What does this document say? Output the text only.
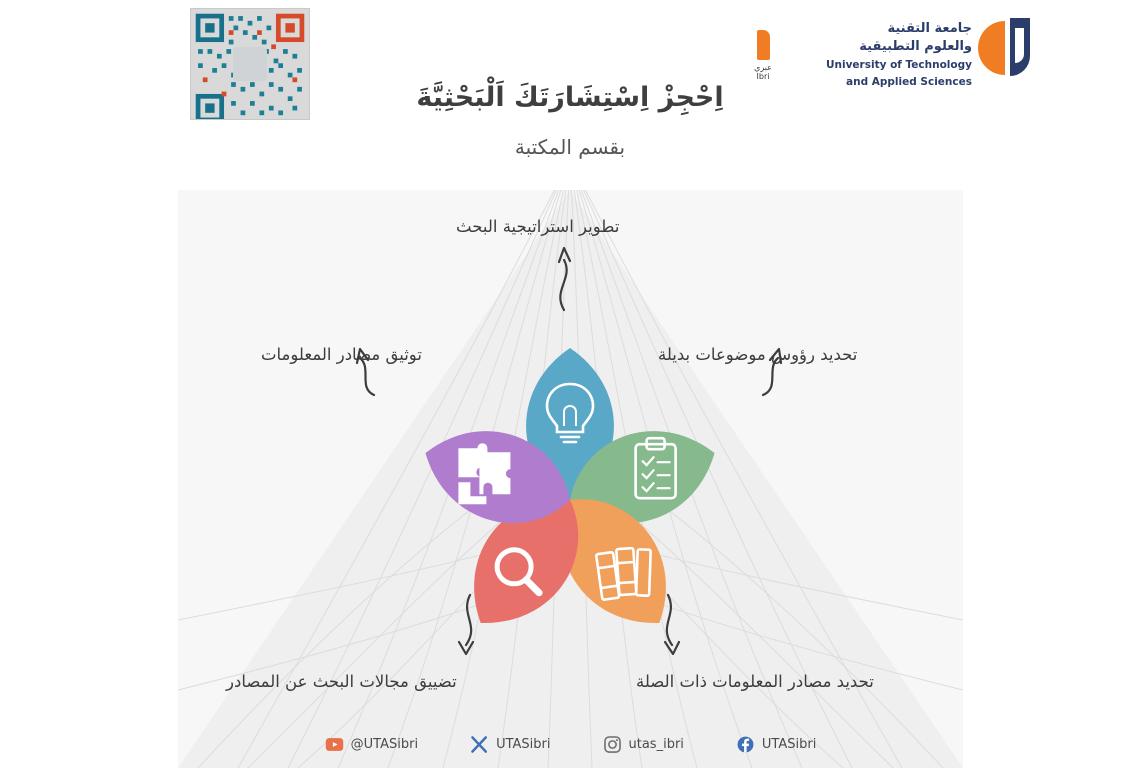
عبري
Ibri
جامعة التقنية
والعلوم التطبيقية
University of Technology
and Applied Sciences
اِحْجِزْ اِسْتِشَارَتَكَ اَلْبَحْثِيَّةَ
بقسم المكتبة
تطوير استراتيجية البحث
تحديد رؤوس موضوعات بديلة
توثيق مصادر المعلومات
تحديد مصادر المعلومات ذات الصلة
تضييق مجالات البحث عن المصادر
@UTASibri	UTASibri	utas_ibri	UTASibri
